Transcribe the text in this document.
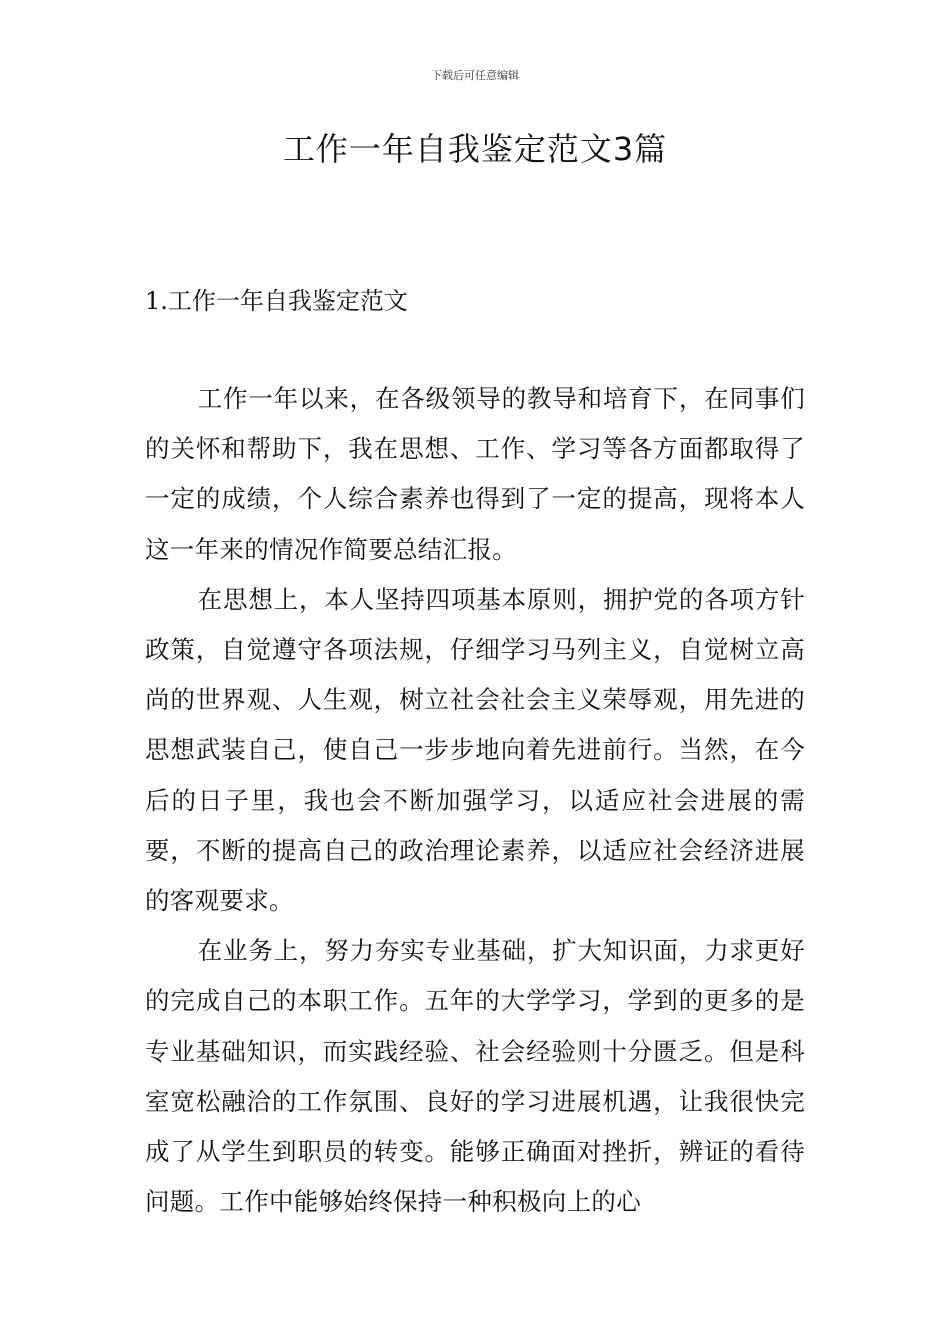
下载后可任意编辑
工作一年自我鉴定范文3篇
1.工作一年自我鉴定范文

工作一年以来，在各级领导的教导和培育下，在同事们的关怀和帮助下，我在思想、工作、学习等各方面都取得了一定的成绩，个人综合素养也得到了一定的提高，现将本人这一年来的情况作简要总结汇报。

在思想上，本人坚持四项基本原则，拥护党的各项方针政策，自觉遵守各项法规，仔细学习马列主义，自觉树立高尚的世界观、人生观，树立社会社会主义荣辱观，用先进的思想武装自己，使自己一步步地向着先进前行。当然，在今后的日子里，我也会不断加强学习，以适应社会进展的需要，不断的提高自己的政治理论素养，以适应社会经济进展的客观要求。

在业务上，努力夯实专业基础，扩大知识面，力求更好的完成自己的本职工作。五年的大学学习，学到的更多的是专业基础知识，而实践经验、社会经验则十分匮乏。但是科室宽松融洽的工作氛围、良好的学习进展机遇，让我很快完成了从学生到职员的转变。能够正确面对挫折，辨证的看待问题。工作中能够始终保持一种积极向上的心
